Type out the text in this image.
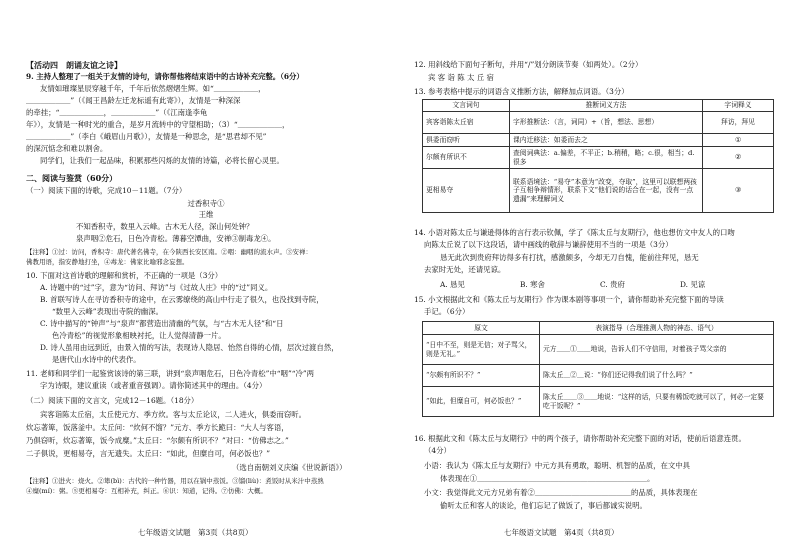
【活动四　朗诵友谊之诗】
9. 主持人整理了一组关于友情的诗句，请你帮他将结束语中的古诗补充完整。（6分）
友情如璀璨星辰穿越千年，千年后依然熠熠生辉。如“＿＿＿＿＿＿，
＿＿＿＿＿＿”（《闻王昌龄左迁龙标遥有此寄》），友情是一种深深
的牵挂；“＿＿＿＿＿＿，＿＿＿＿＿＿”（《江南逢李龟
年》），友情是一种时光的重合，是岁月流转中的守望相助；（3）“＿＿＿＿＿＿，
＿＿＿＿＿＿”（李白《峨眉山月歌》），友情是一种思念，是“思君却不见”
的深沉惦念和难以割舍。
同学们，让我们一起品味，积累那些闪烁的友情的诗篇，必将长留心灵里。
二、阅读与鉴赏（60分）
（一）阅读下面的诗歌，完成10－11题。（7分）
过香积寺①
王维
不知香积寺，数里入云峰。古木无人径，深山何处钟？
泉声咽②危石，日色冷青松。薄暮空潭曲，安禅③制毒龙④。
【注释】①过：访问，香积寺：唐代著名佛寺，在今陕西长安区南。②咽：幽咽的流水声。③安禅：
佛教用语，指安静地打坐，④毒龙：佛家比喻邪念妄想。
10. 下面对这首诗歌的理解和赏析，不正确的一项是（3分）
A. 诗题中的“过”字，意为“访问、拜访”与《过故人庄》中的“过”同义。
B. 首联写诗人在寻访香积寺的途中，在云雾缭绕的高山中行走了很久，也没找到寺院，
“数里入云峰”表现出寺院的幽深。
C. 诗中描写的“钟声”与“泉声”都营造出清幽的气氛，与“古木无人径”和“日
色冷青松”的视觉形象相映衬托，让人觉得清静一片。
D. 诗人虽用由远到近，由景入情的写法，表现诗人隐居、怡然自得的心情，层次过渡自然，
是唐代山水诗中的代表作。
11. 老师和同学们一起鉴赏该诗的第三联，讲到“泉声咽危石，日色冷青松”中“咽”“冷”两
字为诗眼，建议重读（或者重音强调）。请你简述其中的理由。（4分）
（二）阅读下面的文言文，完成12－16题。（18分）
宾客诣陈太丘宿，太丘使元方、季方炊。客与太丘论议，二人进火，俱委而窃听。
炊忘著箄，饭落釜中。太丘问：“炊何不馏？”元方、季方长跪曰：“大人与客语，
乃俱窃听，炊忘著箄，饭今成糜。”太丘曰：“尔颇有所识不？”对曰：“仿佛志之。”
二子俱说，更相易夺，言无遗失。太丘曰：“如此，但糜自可，何必饭也？”
（选自南朝刘义庆编《世说新语》）
【注释】①进火：烧火。②箄(bì)：古代的一种竹器，用以在锅中蒸饭。③馏(liù)：煮饭时从米汁中蒸熟
④糜(mí)：粥。⑤更相易夺：互相补充，纠正。⑥识：知道，记得。⑦仿佛：大概。
七年级语文试题　第3页（共8页）
12. 用斜线给下面句子断句，并用“/”划分朗读节奏（如两处）。（2分）
宾 客 诣 陈 太 丘 宿
13. 参考表格中提示的词语含义推断方法，解释加点词语。（3分）
文言词句	推断词义方法	字词释义
宾客诣陈太丘宿	字形推断法：（言，词同）+（旨，想法、思想）	拜访，拜见
俱委而窃听	课内迁移法：如委而去之	①
尔颇有所识不	查阅词典法：a.偏差，不平正；b.稍稍，略；c.很，相当；d.很多	②
更相易夺	联系语境法：“易夺”本意为“改变，夺取”，这里可以联想两孩子互相争辩情形，联系下文“他们说的话合在一起，没有一点遗漏”来理解词义	③
14. 小语对陈太丘与谦逊得体的言行表示钦佩，学了《陈太丘与友期行》，他也想仿文中友人的口吻
向陈太丘说了以下这段话，请中画线的敬辞与谦辞使用不当的一项是（3分）
恳无此次到贵府拜访得多有打扰，感激颇多，今却无刀自愧，能前往拜见，恳无
去家时无处，还请见谅。
A. 恳见	B. 寒舍	C. 贵府	D. 见谅
15. 小文根据此文和《陈太丘与友期行》作为课本剧等事项一个，请你帮助补充完整下面的导读
手记。（6分）
原文	表演指导（合理推测人物的神态、语气）
“日中不至，则是无信；对子骂父，则是无礼。”	元方＿＿①＿＿地说，告诉人们不守信用，对着孩子骂父亲的
“尔颇有所识不？”	陈太丘＿②＿说：“你们还记得我们说了什么吗？”
“如此，但糜自可，何必饭也？”	陈太丘＿＿③＿＿地说：“这样的话，只要有稀饭吃就可以了，何必一定要吃干饭呢？”
16. 根据此文和《陈太丘与友期行》中的两个孩子，请你帮助补充完整下面的对话，使前后语意连贯。
（4分）
小语：我认为《陈太丘与友期行》中元方具有勇敢，聪明、机智的品质，在文中具
体表现在①＿＿＿＿＿＿＿＿＿＿＿＿＿＿＿＿＿＿＿＿＿＿＿。
小文：我觉得此文元方兄弟有着②＿＿＿＿＿＿＿＿＿＿＿＿＿的品质，具体表现在
偷听太丘和客人的谈论，他们忘记了做饭了，事后都诚实说明。
七年级语文试题　第4页（共8页）
